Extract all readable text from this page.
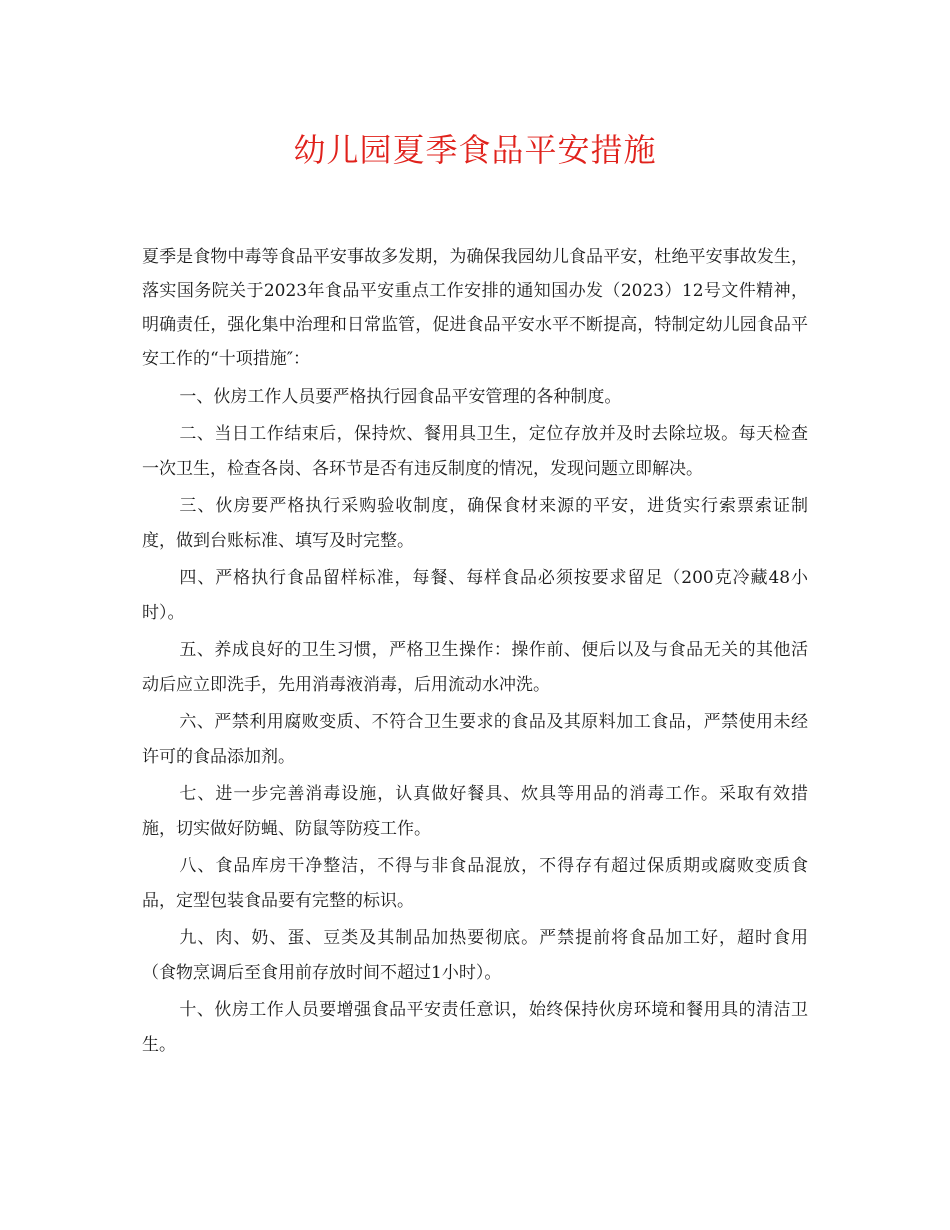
幼儿园夏季食品平安措施

夏季是食物中毒等食品平安事故多发期，为确保我园幼儿食品平安，杜绝平安事故发生，落实国务院关于2023年食品平安重点工作安排的通知国办发（2023）12号文件精神，明确责任，强化集中治理和日常监管，促进食品平安水平不断提高，特制定幼儿园食品平安工作的“十项措施″：

一、伙房工作人员要严格执行园食品平安管理的各种制度。

二、当日工作结束后，保持炊、餐用具卫生，定位存放并及时去除垃圾。每天检查一次卫生，检查各岗、各环节是否有违反制度的情况，发现问题立即解决。

三、伙房要严格执行采购验收制度，确保食材来源的平安，进货实行索票索证制度，做到台账标准、填写及时完整。

四、严格执行食品留样标准，每餐、每样食品必须按要求留足（200克冷藏48小时）。

五、养成良好的卫生习惯，严格卫生操作：操作前、便后以及与食品无关的其他活动后应立即洗手，先用消毒液消毒，后用流动水冲洗。

六、严禁利用腐败变质、不符合卫生要求的食品及其原料加工食品，严禁使用未经许可的食品添加剂。

七、进一步完善消毒设施，认真做好餐具、炊具等用品的消毒工作。采取有效措施，切实做好防蝇、防鼠等防疫工作。

八、食品库房干净整洁，不得与非食品混放，不得存有超过保质期或腐败变质食品，定型包装食品要有完整的标识。

九、肉、奶、蛋、豆类及其制品加热要彻底。严禁提前将食品加工好，超时食用（食物烹调后至食用前存放时间不超过1小时）。

十、伙房工作人员要增强食品平安责任意识，始终保持伙房环境和餐用具的清洁卫生。
